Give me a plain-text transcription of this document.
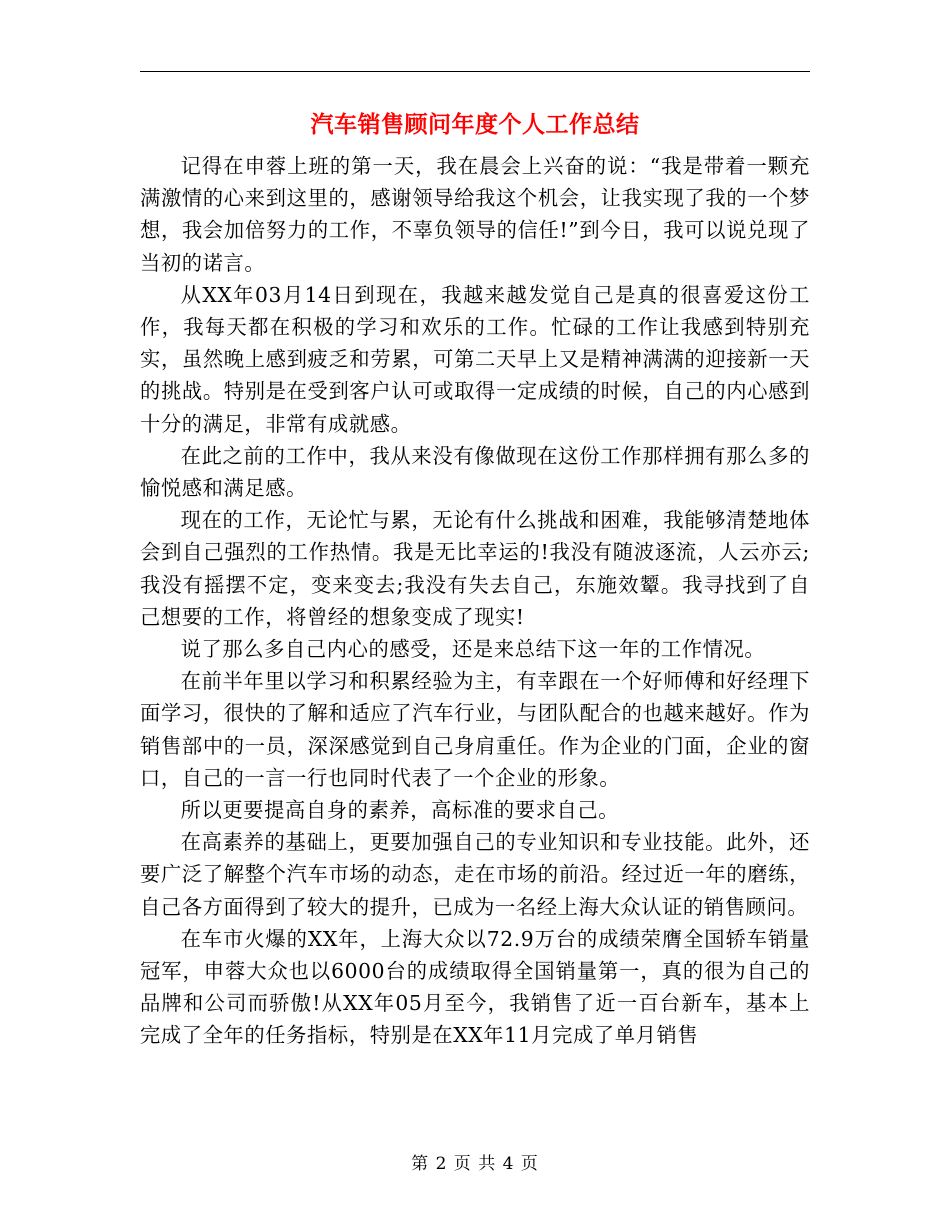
汽车销售顾问年度个人工作总结

记得在申蓉上班的第一天，我在晨会上兴奋的说：“我是带着一颗充满激情的心来到这里的，感谢领导给我这个机会，让我实现了我的一个梦想，我会加倍努力的工作，不辜负领导的信任!”到今日，我可以说兑现了当初的诺言。

从XX年03月14日到现在，我越来越发觉自己是真的很喜爱这份工作，我每天都在积极的学习和欢乐的工作。忙碌的工作让我感到特别充实，虽然晚上感到疲乏和劳累，可第二天早上又是精神满满的迎接新一天的挑战。特别是在受到客户认可或取得一定成绩的时候，自己的内心感到十分的满足，非常有成就感。

在此之前的工作中，我从来没有像做现在这份工作那样拥有那么多的愉悦感和满足感。

现在的工作，无论忙与累，无论有什么挑战和困难，我能够清楚地体会到自己强烈的工作热情。我是无比幸运的!我没有随波逐流，人云亦云;我没有摇摆不定，变来变去;我没有失去自己，东施效颦。我寻找到了自己想要的工作，将曾经的想象变成了现实!

说了那么多自己内心的感受，还是来总结下这一年的工作情况。

在前半年里以学习和积累经验为主，有幸跟在一个好师傅和好经理下面学习，很快的了解和适应了汽车行业，与团队配合的也越来越好。作为销售部中的一员，深深感觉到自己身肩重任。作为企业的门面，企业的窗口，自己的一言一行也同时代表了一个企业的形象。

所以更要提高自身的素养，高标准的要求自己。

在高素养的基础上，更要加强自己的专业知识和专业技能。此外，还要广泛了解整个汽车市场的动态，走在市场的前沿。经过近一年的磨练，自己各方面得到了较大的提升，已成为一名经上海大众认证的销售顾问。

在车市火爆的XX年，上海大众以72.9万台的成绩荣膺全国轿车销量冠军，申蓉大众也以6000台的成绩取得全国销量第一，真的很为自己的品牌和公司而骄傲!从XX年05月至今，我销售了近一百台新车，基本上完成了全年的任务指标，特别是在XX年11月完成了单月销售

第 2 页 共 4 页
